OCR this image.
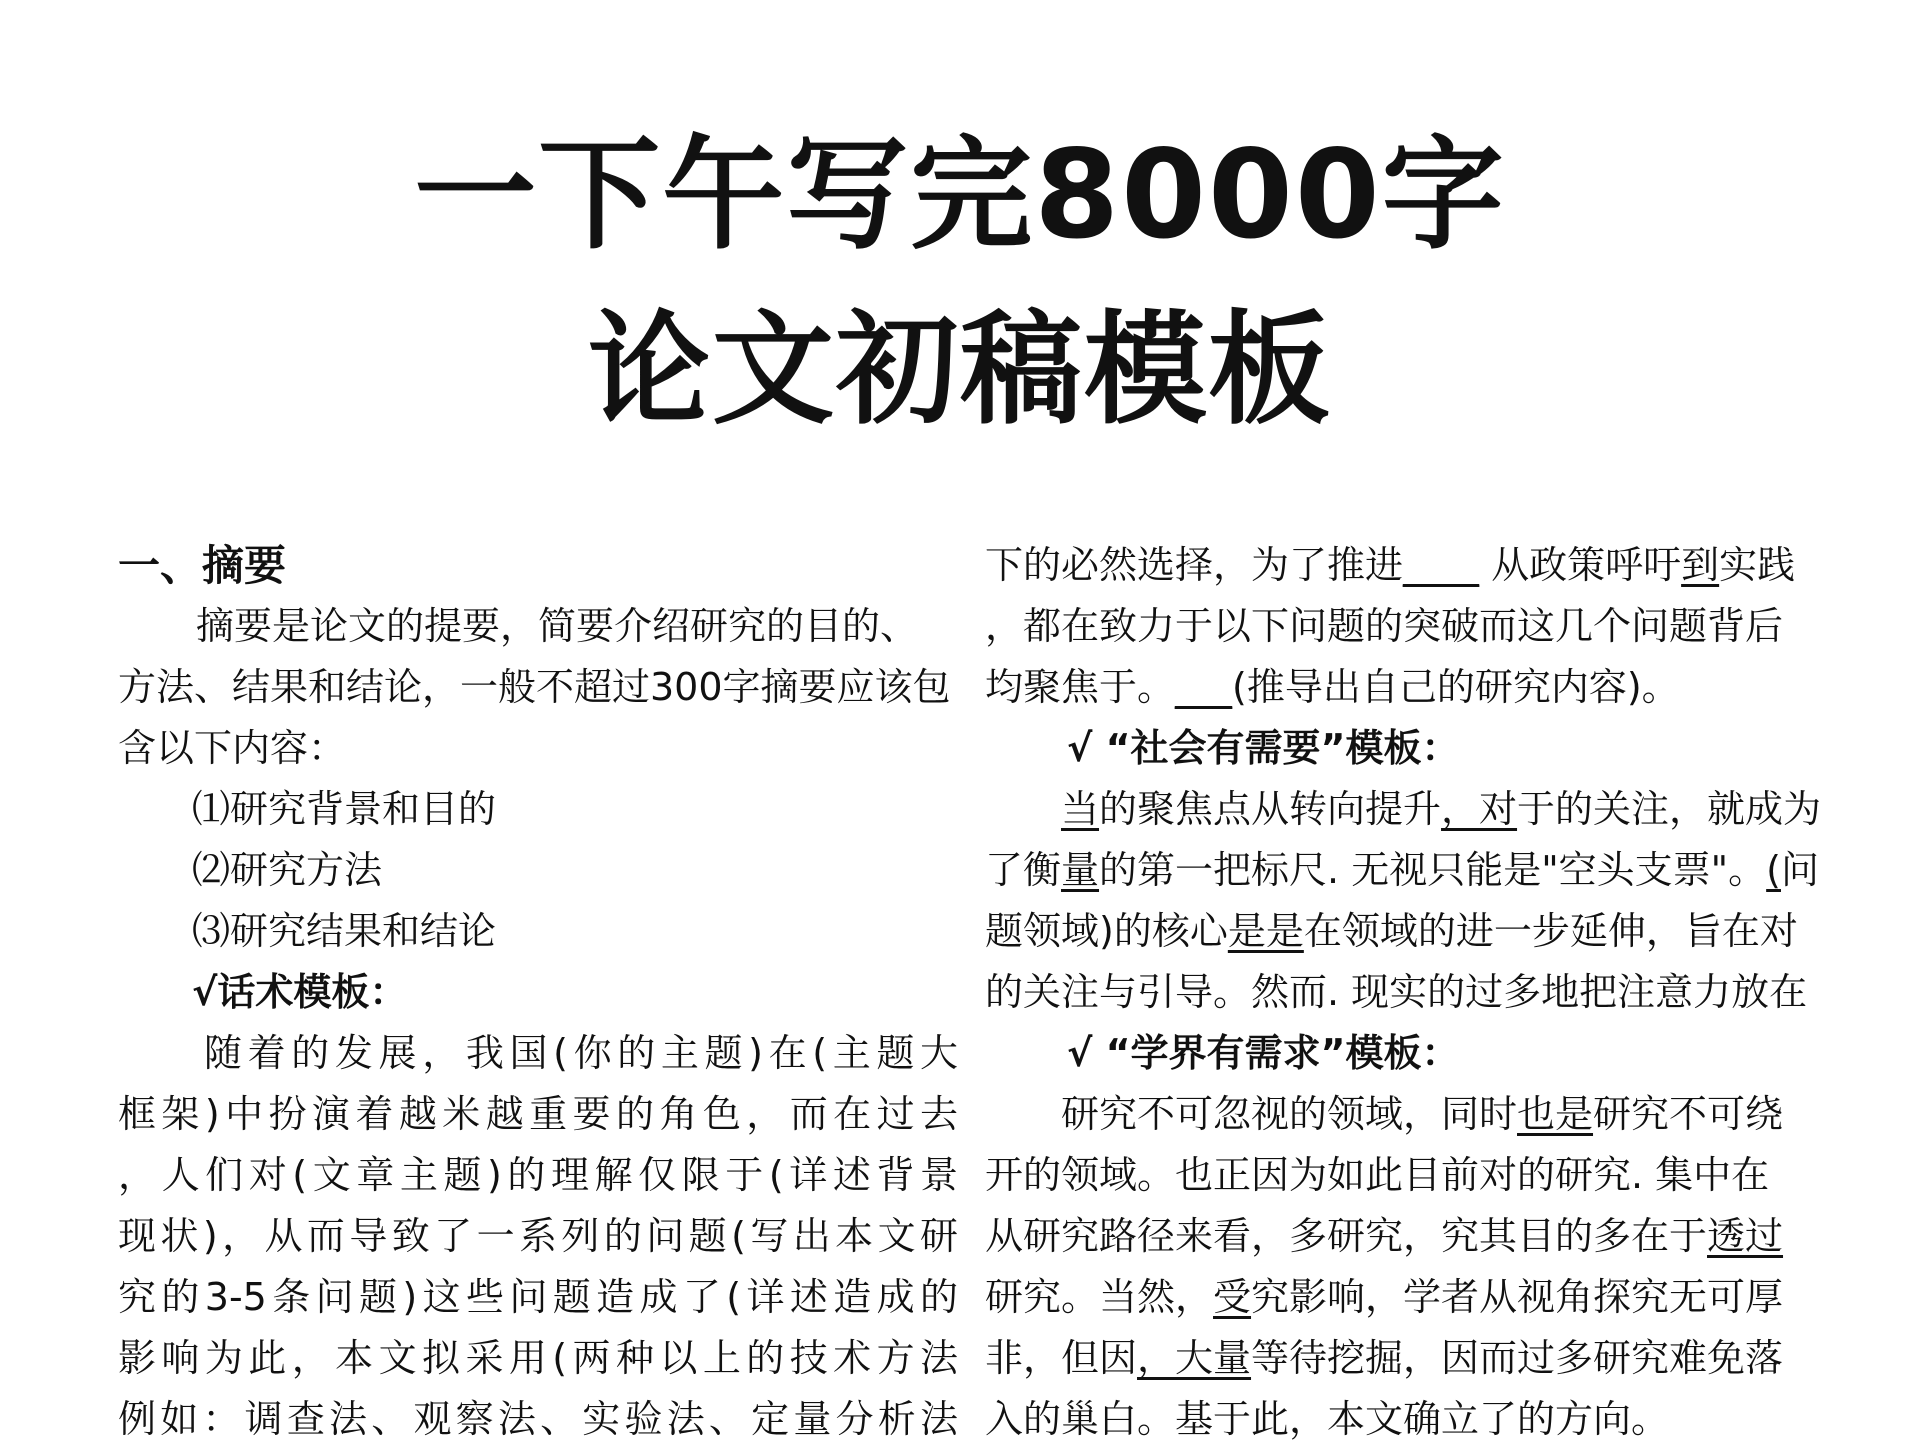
一下午写完8000字
论文初稿模板
一、摘要
摘要是论文的提要，简要介绍研究的目的、
方法、结果和结论，一般不超过300字摘要应该包
含以下内容：
⑴研究背景和目的
⑵研究方法
⑶研究结果和结论
√话术模板：
随着的发展，我国(你的主题)在(主题大
框架)中扮演着越米越重要的角色，而在过去
，人们对(文章主题)的理解仅限于(详述背景
现状)，从而导致了一系列的问题(写出本文研
究的3-5条问题)这些问题造成了(详述造成的
影响为此，本文拟采用(两种以上的技术方法
例如：调查法、观察法、实验法、定量分析法
下的必然选择，为了推进____ 从政策呼吁到实践
，都在致力于以下问题的突破而这几个问题背后
均聚焦于。___(推导出自己的研究内容)。
√ “社会有需要”模板：
当的聚焦点从转向提升，对于的关注，就成为
了衡量的第一把标尺. 无视只能是"空头支票"。(问
题领域)的核心是是在领域的进一步延伸，旨在对
的关注与引导。然而. 现实的过多地把注意力放在
√ “学界有需求”模板：
研究不可忽视的领域，同时也是研究不可绕
开的领域。也正因为如此目前对的研究. 集中在
从研究路径来看，多研究，究其目的多在于透过
研究。当然，受究影响，学者从视角探究无可厚
非，但因，大量等待挖掘，因而过多研究难免落
入的巢白。基于此，本文确立了的方向。
